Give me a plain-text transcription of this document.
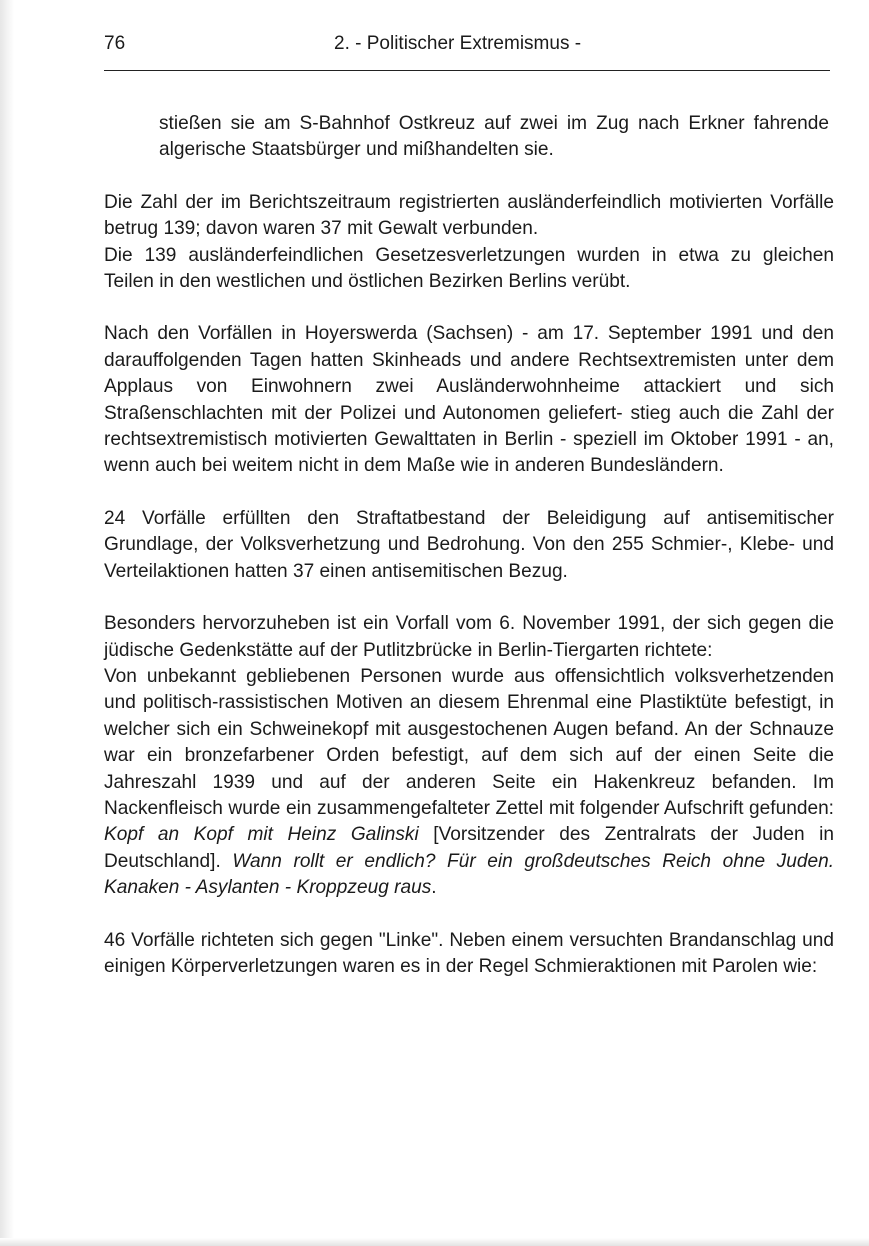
76	2. - Politischer Extremismus -

stießen sie am S-Bahnhof Ostkreuz auf zwei im Zug nach Erkner fahrende algerische Staatsbürger und mißhandelten sie.

Die Zahl der im Berichtszeitraum registrierten ausländerfeindlich motivierten Vorfälle betrug 139; davon waren 37 mit Gewalt verbunden.

Die 139 ausländerfeindlichen Gesetzesverletzungen wurden in etwa zu gleichen Teilen in den westlichen und östlichen Bezirken Berlins verübt.

Nach den Vorfällen in Hoyerswerda (Sachsen) - am 17. September 1991 und den darauffolgenden Tagen hatten Skinheads und andere Rechtsextremisten unter dem Applaus von Einwohnern zwei Ausländerwohnheime attackiert und sich Straßenschlachten mit der Polizei und Autonomen geliefert- stieg auch die Zahl der rechtsextremistisch motivierten Gewalttaten in Berlin - speziell im Oktober 1991 - an, wenn auch bei weitem nicht in dem Maße wie in anderen Bundesländern.

24 Vorfälle erfüllten den Straftatbestand der Beleidigung auf antisemitischer Grundlage, der Volksverhetzung und Bedrohung. Von den 255 Schmier-, Klebe- und Verteilaktionen hatten 37 einen antisemitischen Bezug.

Besonders hervorzuheben ist ein Vorfall vom 6. November 1991, der sich gegen die jüdische Gedenkstätte auf der Putlitzbrücke in Berlin-Tiergarten richtete:

Von unbekannt gebliebenen Personen wurde aus offensichtlich volksverhetzenden und politisch-rassistischen Motiven an diesem Ehrenmal eine Plastiktüte befestigt, in welcher sich ein Schweinekopf mit ausgestochenen Augen befand. An der Schnauze war ein bronzefarbener Orden befestigt, auf dem sich auf der einen Seite die Jahreszahl 1939 und auf der anderen Seite ein Hakenkreuz befanden. Im Nackenfleisch wurde ein zusammengefalteter Zettel mit folgender Aufschrift gefunden: Kopf an Kopf mit Heinz Galinski [Vorsitzender des Zentralrats der Juden in Deutschland]. Wann rollt er endlich? Für ein großdeutsches Reich ohne Juden. Kanaken - Asylanten - Kroppzeug raus.

46 Vorfälle richteten sich gegen "Linke". Neben einem versuchten Brandanschlag und einigen Körperverletzungen waren es in der Regel Schmieraktionen mit Parolen wie:
